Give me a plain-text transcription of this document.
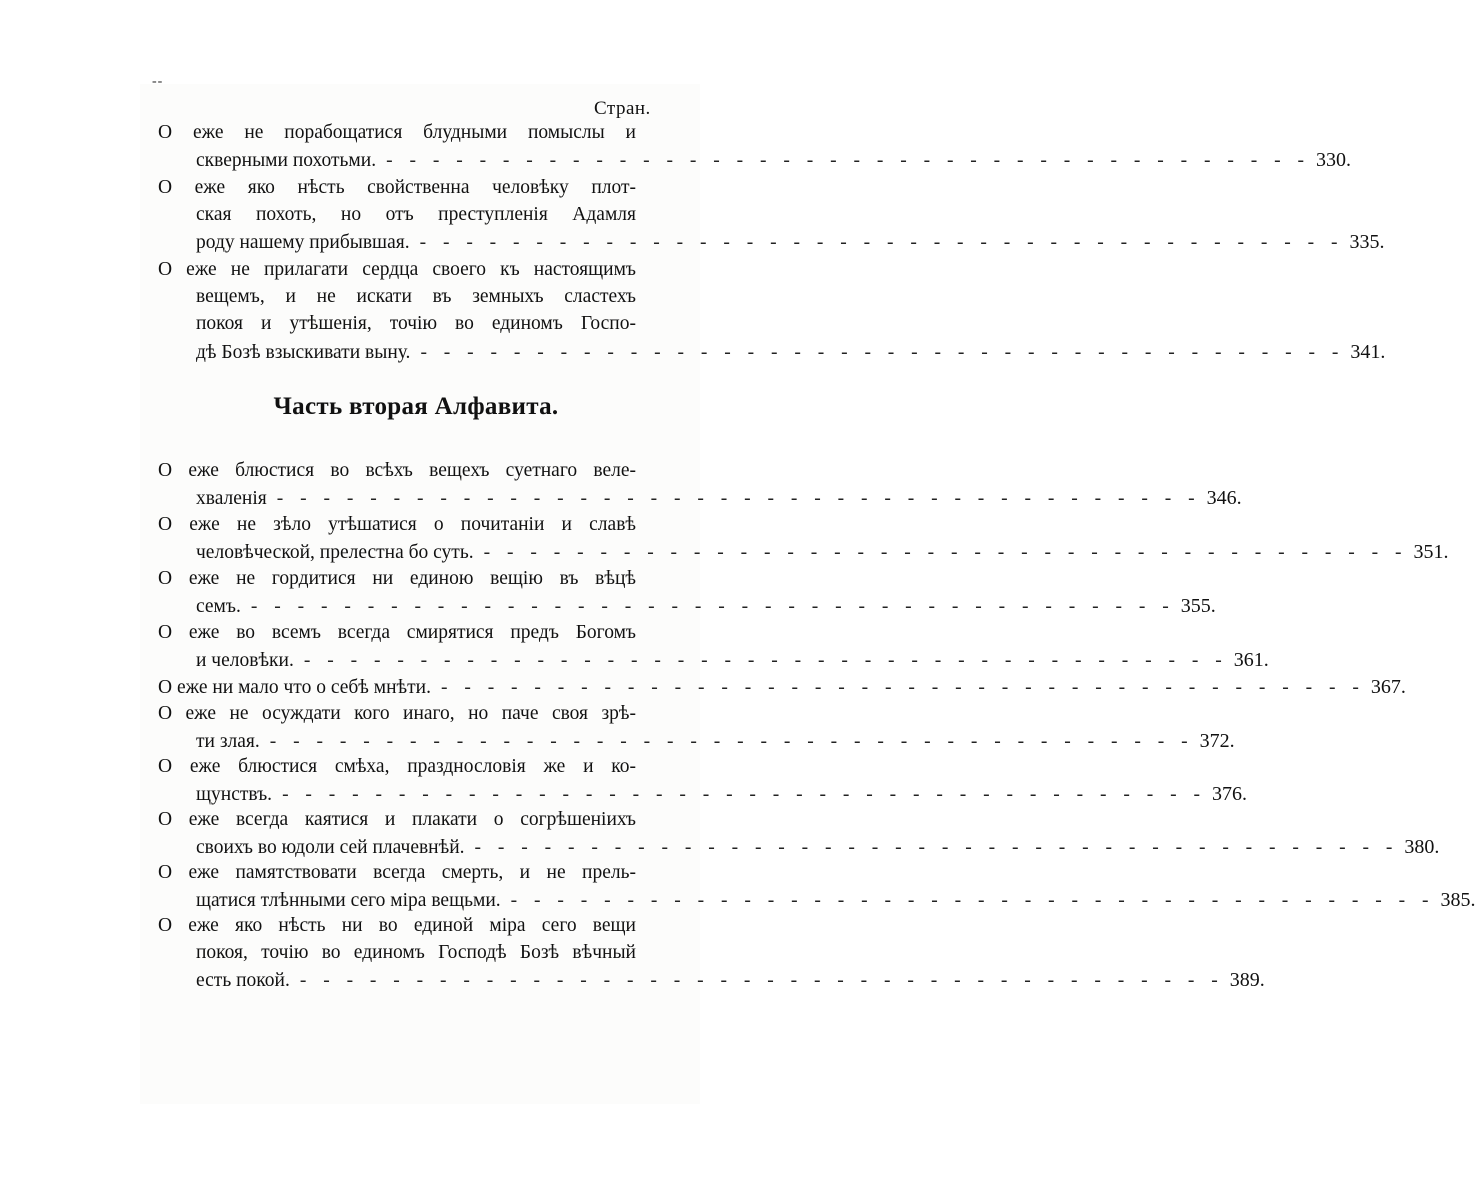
--
Стран.
О еже не порабощатися блудными помыслы и
скверными похотьми. - - - - - - - - - - - - - - - - - - - - - - - - - - - - - - - - - - - - - - - - 330.
О еже яко нѣсть свойственна человѣку плот-
ская похоть, но отъ преступленія Адамля
роду нашему прибывшая. - - - - - - - - - - - - - - - - - - - - - - - - - - - - - - - - - - - - - - - - 335.
О еже не прилагати сердца своего къ настоящимъ
вещемъ, и не искати въ земныхъ сластехъ
покоя и утѣшенія, точію во единомъ Госпо-
дѣ Бозѣ взыскивати выну. - - - - - - - - - - - - - - - - - - - - - - - - - - - - - - - - - - - - - - - - 341.
Часть вторая Алфавита.
О еже блюстися во всѣхъ вещехъ суетнаго веле-
хваленія - - - - - - - - - - - - - - - - - - - - - - - - - - - - - - - - - - - - - - - - 346.
О еже не зѣло утѣшатися о почитаніи и славѣ
человѣческой, прелестна бо суть. - - - - - - - - - - - - - - - - - - - - - - - - - - - - - - - - - - - - - - - - 351.
О еже не гордитися ни единою вещію въ вѣцѣ
семъ. - - - - - - - - - - - - - - - - - - - - - - - - - - - - - - - - - - - - - - - - 355.
О еже во всемъ всегда смирятися предъ Богомъ
и человѣки. - - - - - - - - - - - - - - - - - - - - - - - - - - - - - - - - - - - - - - - - 361.
О еже ни мало что о себѣ мнѣти. - - - - - - - - - - - - - - - - - - - - - - - - - - - - - - - - - - - - - - - - 367.
О еже не осуждати кого инаго, но паче своя зрѣ-
ти злая. - - - - - - - - - - - - - - - - - - - - - - - - - - - - - - - - - - - - - - - - 372.
О еже блюстися смѣха, празднословія же и ко-
щунствъ. - - - - - - - - - - - - - - - - - - - - - - - - - - - - - - - - - - - - - - - - 376.
О еже всегда каятися и плакати о согрѣшеніихъ
своихъ во юдоли сей плачевнѣй. - - - - - - - - - - - - - - - - - - - - - - - - - - - - - - - - - - - - - - - - 380.
О еже памятствовати всегда смерть, и не прель-
щатися тлѣнными сего міра вещьми. - - - - - - - - - - - - - - - - - - - - - - - - - - - - - - - - - - - - - - - - 385.
О еже яко нѣсть ни во единой міра сего вещи
покоя, точію во единомъ Господѣ Бозѣ вѣчный
есть покой. - - - - - - - - - - - - - - - - - - - - - - - - - - - - - - - - - - - - - - - - 389.
